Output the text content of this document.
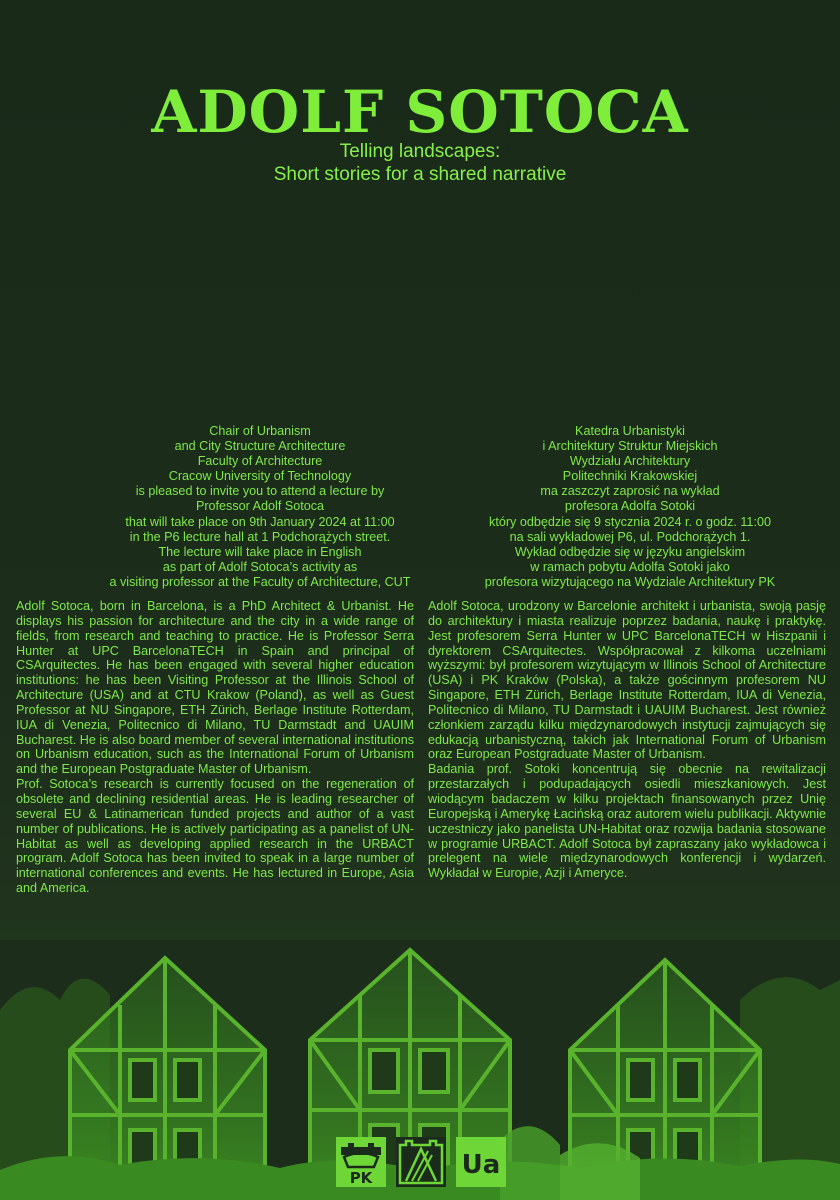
ADOLF SOTOCA
Telling landscapes:
Short stories for a shared narrative
Chair of Urbanism
and City Structure Architecture
Faculty of Architecture
Cracow University of Technology
is pleased to invite you to attend a lecture by
Professor Adolf Sotoca
that will take place on 9th January 2024 at 11:00
in the P6 lecture hall at 1 Podchorążych street.
The lecture will take place in English
as part of Adolf Sotoca’s activity as
a visiting professor at the Faculty of Architecture, CUT
Katedra Urbanistyki
i Architektury Struktur Miejskich
Wydziału Architektury
Politechniki Krakowskiej
ma zaszczyt zaprosić na wykład
profesora Adolfa Sotoki
który odbędzie się 9 stycznia 2024 r. o godz. 11:00
na sali wykładowej P6, ul. Podchorążych 1.
Wykład odbędzie się w języku angielskim
w ramach pobytu Adolfa Sotoki jako
profesora wizytującego na Wydziale Architektury PK

Adolf Sotoca, born in Barcelona, is a PhD Architect & Urbanist. He displays his passion for architecture and the city in a wide range of fields, from research and teaching to practice. He is Professor Serra Hunter at UPC BarcelonaTECH in Spain and principal of CSArquitectes. He has been engaged with several higher education institutions: he has been Visiting Professor at the Illinois School of Architecture (USA) and at CTU Krakow (Poland), as well as Guest Professor at NU Singapore, ETH Zürich, Berlage Institute Rotterdam, IUA di Venezia, Politecnico di Milano, TU Darmstadt and UAUIM Bucharest. He is also board member of several international institutions on Urbanism education, such as the International Forum of Urbanism and the European Postgraduate Master of Urbanism.

Prof. Sotoca’s research is currently focused on the regeneration of obsolete and declining residential areas. He is leading researcher of several EU & Latinamerican funded projects and author of a vast number of publications. He is actively participating as a panelist of UN-Habitat as well as developing applied research in the URBACT program. Adolf Sotoca has been invited to speak in a large number of international conferences and events. He has lectured in Europe, Asia and America.

Adolf Sotoca, urodzony w Barcelonie architekt i urbanista, swoją pasję do architektury i miasta realizuje poprzez badania, naukę i praktykę. Jest profesorem Serra Hunter w UPC BarcelonaTECH w Hiszpanii i dyrektorem CSArquitectes. Współpracował z kilkoma uczelniami wyższymi: był profesorem wizytującym w Illinois School of Architecture (USA) i PK Kraków (Polska), a także gościnnym profesorem NU Singapore, ETH Zürich, Berlage Institute Rotterdam, IUA di Venezia, Politecnico di Milano, TU Darmstadt i UAUIM Bucharest. Jest również członkiem zarządu kilku międzynarodowych instytucji zajmujących się edukacją urbanistyczną, takich jak International Forum of Urbanism oraz European Postgraduate Master of Urbanism.

Badania prof. Sotoki koncentrują się obecnie na rewitalizacji przestarzałych i podupadających osiedli mieszkaniowych. Jest wiodącym badaczem w kilku projektach finansowanych przez Unię Europejską i Amerykę Łacińską oraz autorem wielu publikacji. Aktywnie uczestniczy jako panelista UN-Habitat oraz rozwija badania stosowane w programie URBACT. Adolf Sotoca był zapraszany jako wykładowca i prelegent na wiele międzynarodowych konferencji i wydarzeń. Wykładał w Europie, Azji i Ameryce.

PK	Ua
